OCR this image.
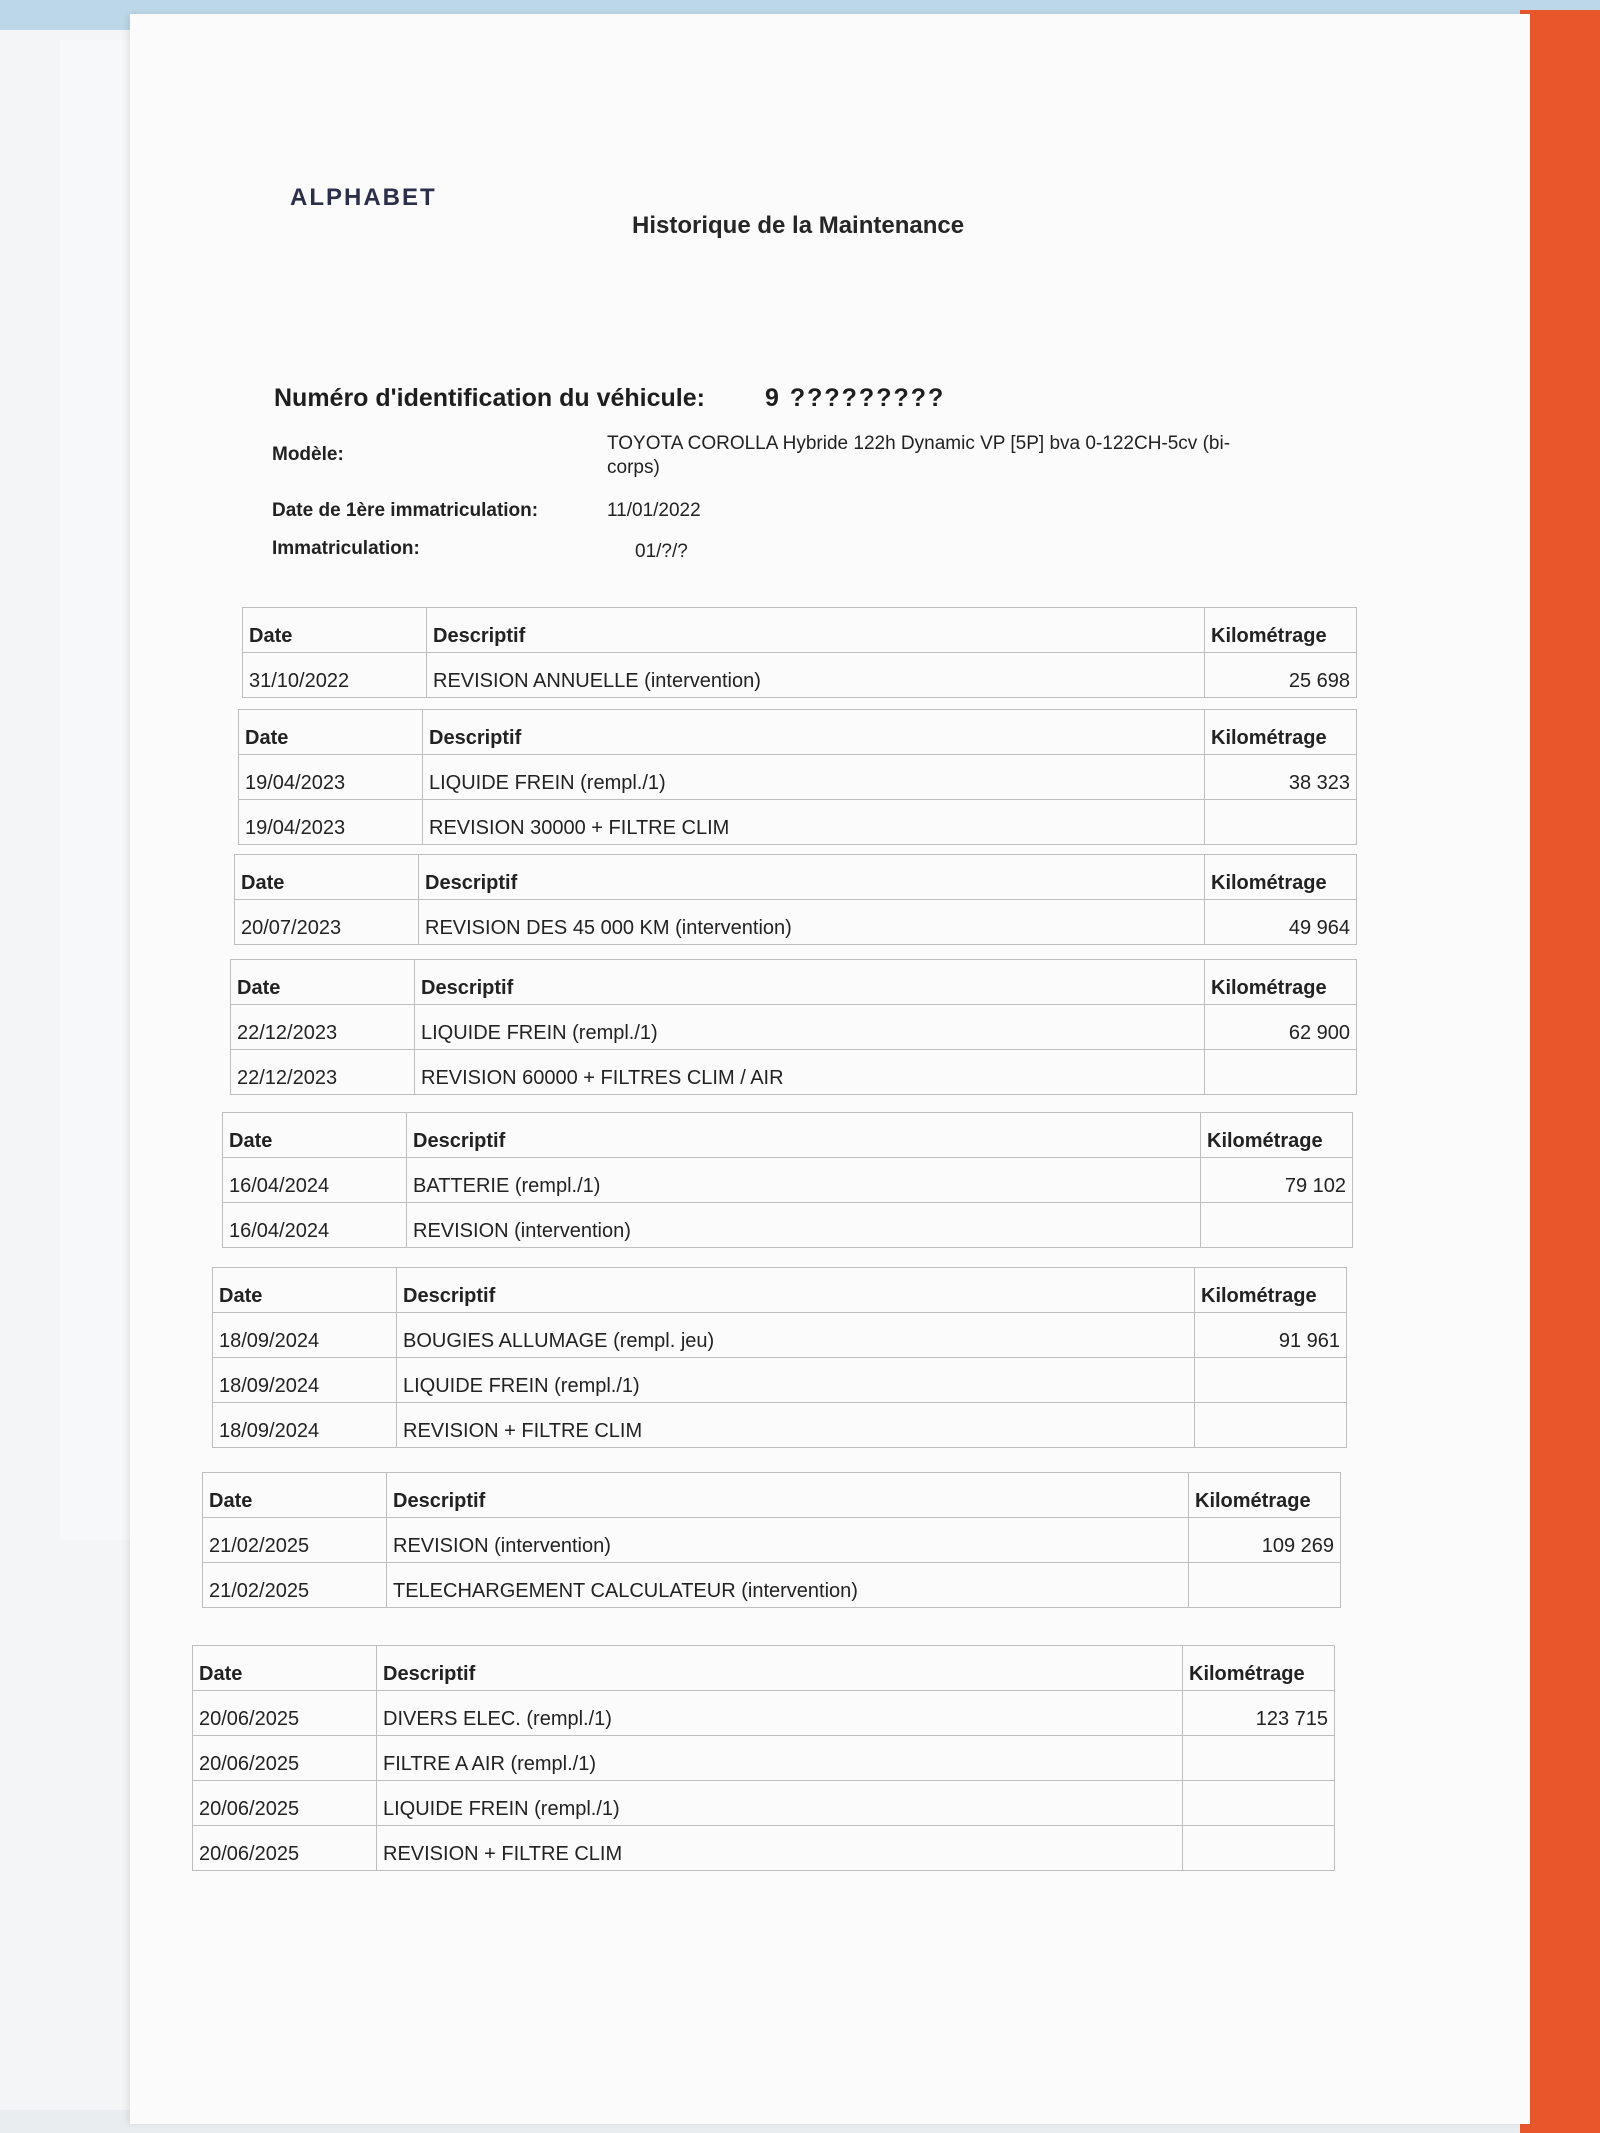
ALPHABET
Historique de la Maintenance
Numéro d'identification du véhicule: 9 ?????????
Modèle:
TOYOTA COROLLA Hybride 122h Dynamic VP [5P] bva 0-122CH-5cv (bi-
corps)
Date de 1ère immatriculation:	11/01/2022
Immatriculation:	01/?/?
Date	Descriptif	Kilométrage
31/10/2022	REVISION ANNUELLE (intervention)	25 698
Date	Descriptif	Kilométrage
19/04/2023	LIQUIDE FREIN (rempl./1)	38 323
19/04/2023	REVISION 30000 + FILTRE CLIM	
Date	Descriptif	Kilométrage
20/07/2023	REVISION DES 45 000 KM (intervention)	49 964
Date	Descriptif	Kilométrage
22/12/2023	LIQUIDE FREIN (rempl./1)	62 900
22/12/2023	REVISION 60000 + FILTRES CLIM / AIR	
Date	Descriptif	Kilométrage
16/04/2024	BATTERIE (rempl./1)	79 102
16/04/2024	REVISION (intervention)	
Date	Descriptif	Kilométrage
18/09/2024	BOUGIES ALLUMAGE (rempl. jeu)	91 961
18/09/2024	LIQUIDE FREIN (rempl./1)	
18/09/2024	REVISION + FILTRE CLIM	
Date	Descriptif	Kilométrage
21/02/2025	REVISION (intervention)	109 269
21/02/2025	TELECHARGEMENT CALCULATEUR (intervention)	
Date	Descriptif	Kilométrage
20/06/2025	DIVERS ELEC. (rempl./1)	123 715
20/06/2025	FILTRE A AIR (rempl./1)	
20/06/2025	LIQUIDE FREIN (rempl./1)	
20/06/2025	REVISION + FILTRE CLIM	
